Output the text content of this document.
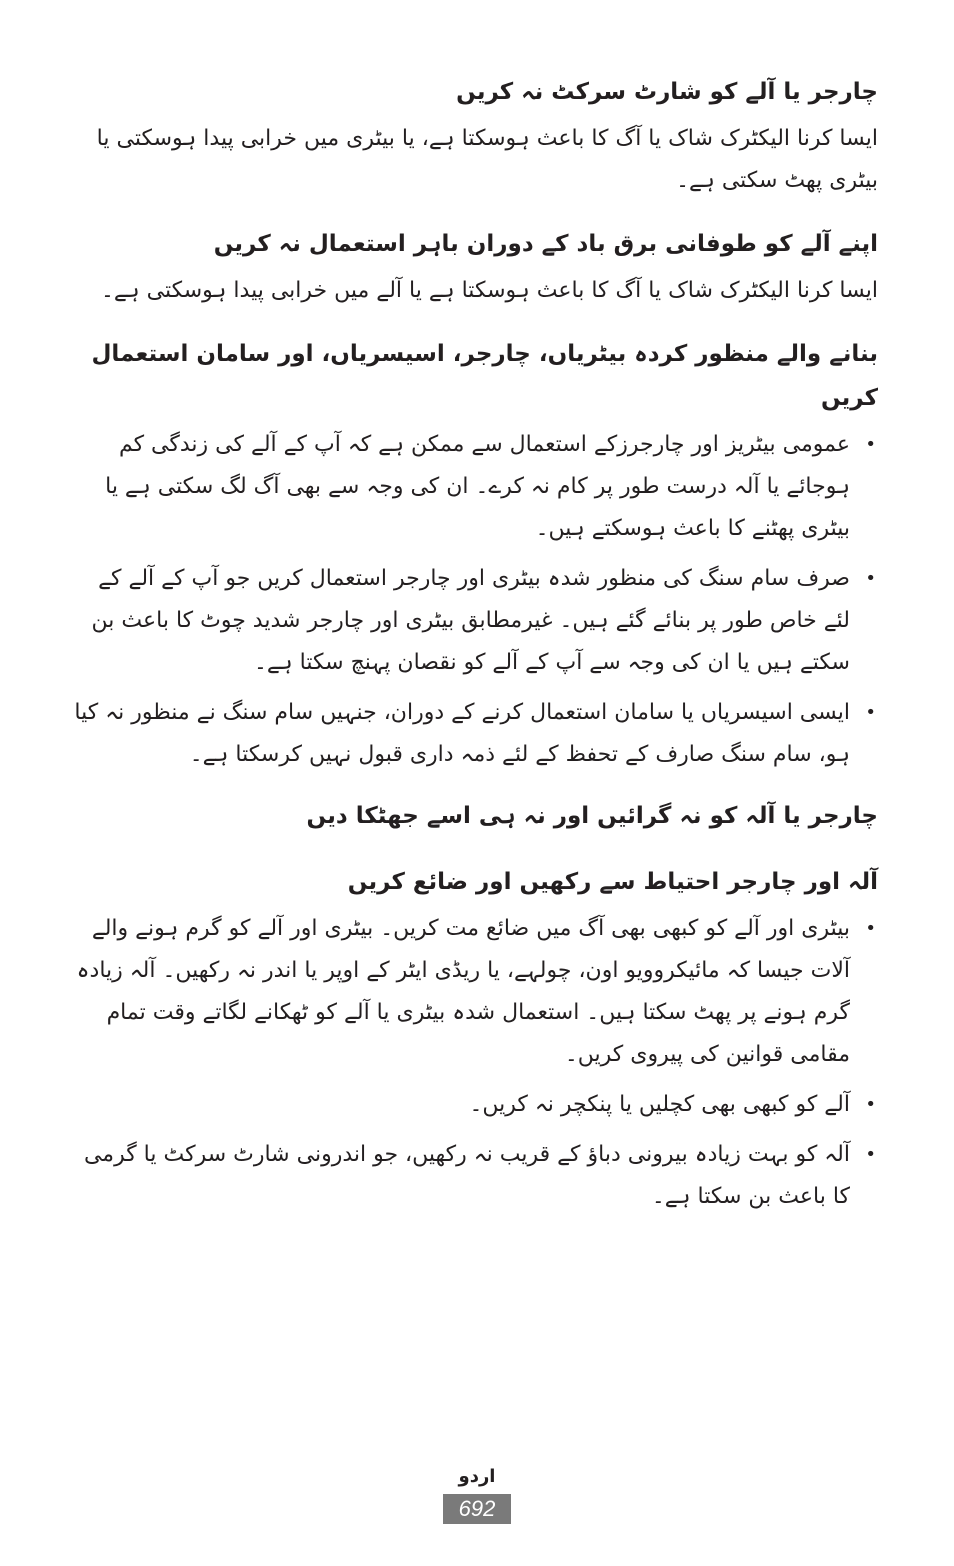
چارجر یا آلے کو شارٹ سرکٹ نہ کریں
ایسا کرنا الیکٹرک شاک یا آگ کا باعث ہوسکتا ہے، یا بیٹری میں خرابی پیدا ہوسکتی یا بیٹری پھٹ سکتی ہے۔
اپنے آلے کو طوفانی برق باد کے دوران باہر استعمال نہ کریں
ایسا کرنا الیکٹرک شاک یا آگ کا باعث ہوسکتا ہے یا آلے میں خرابی پیدا ہوسکتی ہے۔
بنانے والے منظور کردہ بیٹریاں، چارجر، اسیسریاں، اور سامان استعمال کریں
•
عمومی بیٹریز اور چارجرزکے استعمال سے ممکن ہے کہ آپ کے آلے کی زندگی کم ہوجائے یا آلہ درست طور پر کام نہ کرے۔ ان کی وجہ سے بھی آگ لگ سکتی ہے یا بیٹری پھٹنے کا باعث ہوسکتے ہیں۔
•
صرف سام سنگ کی منظور شدہ بیٹری اور چارجر استعمال کریں جو آپ کے آلے کے لئے خاص طور پر بنائے گئے ہیں۔ غیرمطابق بیٹری اور چارجر شدید چوٹ کا باعث بن سکتے ہیں یا ان کی وجہ سے آپ کے آلے کو نقصان پہنچ سکتا ہے۔
•
ایسی اسیسریاں یا سامان استعمال کرنے کے دوران، جنہیں سام سنگ نے منظور نہ کیا ہو، سام سنگ صارف کے تحفظ کے لئے ذمہ داری قبول نہیں کرسکتا ہے۔
چارجر یا آلہ کو نہ گرائیں اور نہ ہی اسے جھٹکا دیں
آلہ اور چارجر احتیاط سے رکھیں اور ضائع کریں
•
بیٹری اور آلے کو کبھی بھی آگ میں ضائع مت کریں۔ بیٹری اور آلے کو گرم ہونے والے آلات جیسا کہ مائیکروویو اون، چولہے، یا ریڈی ایٹر کے اوپر یا اندر نہ رکھیں۔ آلہ زیادہ گرم ہونے پر پھٹ سکتا ہیں۔ استعمال شدہ بیٹری یا آلے کو ٹھکانے لگاتے وقت تمام مقامی قوانین کی پیروی کریں۔
•
آلے کو کبھی بھی کچلیں یا پنکچر نہ کریں۔
•
آلہ کو بہت زیادہ بیرونی دباؤ کے قریب نہ رکھیں، جو اندرونی شارٹ سرکٹ یا گرمی کا باعث بن سکتا ہے۔
اردو
692
